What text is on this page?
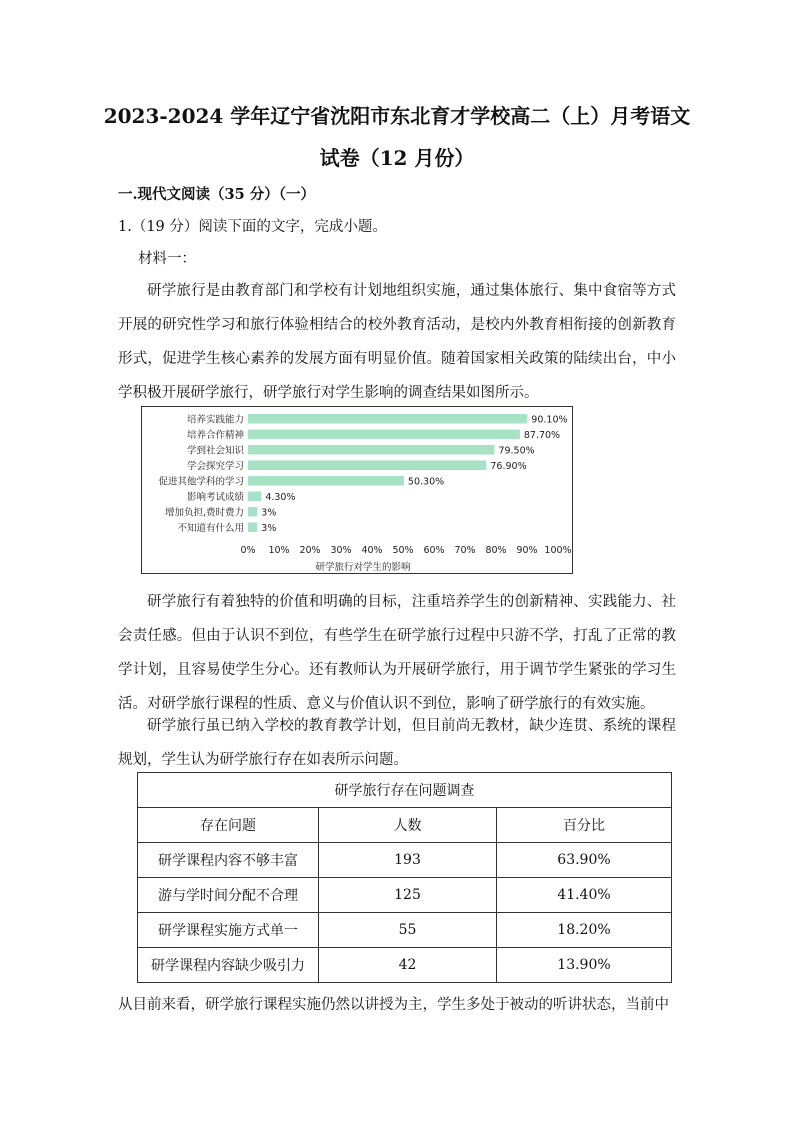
2023-2024 学年辽宁省沈阳市东北育才学校高二（上）月考语文
试卷（12 月份）
一.现代文阅读（35 分）（一）
1.（19 分）阅读下面的文字，完成小题。
材料一：
研学旅行是由教育部门和学校有计划地组织实施，通过集体旅行、集中食宿等方式开展的研究性学习和旅行体验相结合的校外教育活动，是校内外教育相衔接的创新教育形式，促进学生核心素养的发展方面有明显价值。随着国家相关政策的陆续出台，中小学积极开展研学旅行，研学旅行对学生影响的调查结果如图所示。
培养实践能力	90.10%
培养合作精神	87.70%
学到社会知识	79.50%
学会探究学习	76.90%
促进其他学科的学习	50.30%
影响考试成绩 4.30%
增加负担,费时费力 3%
不知道有什么用 3%
0% 10% 20% 30% 40% 50% 60% 70% 80% 90% 100%
研学旅行对学生的影响
研学旅行有着独特的价值和明确的目标，注重培养学生的创新精神、实践能力、社会责任感。但由于认识不到位，有些学生在研学旅行过程中只游不学，打乱了正常的教学计划，且容易使学生分心。还有教师认为开展研学旅行，用于调节学生紧张的学习生活。对研学旅行课程的性质、意义与价值认识不到位，影响了研学旅行的有效实施。
研学旅行虽已纳入学校的教育教学计划，但目前尚无教材，缺少连贯、系统的课程规划，学生认为研学旅行存在如表所示问题。
研学旅行存在问题调查		
存在问题	人数	百分比
研学课程内容不够丰富	193	63.90%
游与学时间分配不合理	125	41.40%
研学课程实施方式单一	55	18.20%
研学课程内容缺少吸引力	42	13.90%
从目前来看，研学旅行课程实施仍然以讲授为主，学生多处于被动的听讲状态，当前中
